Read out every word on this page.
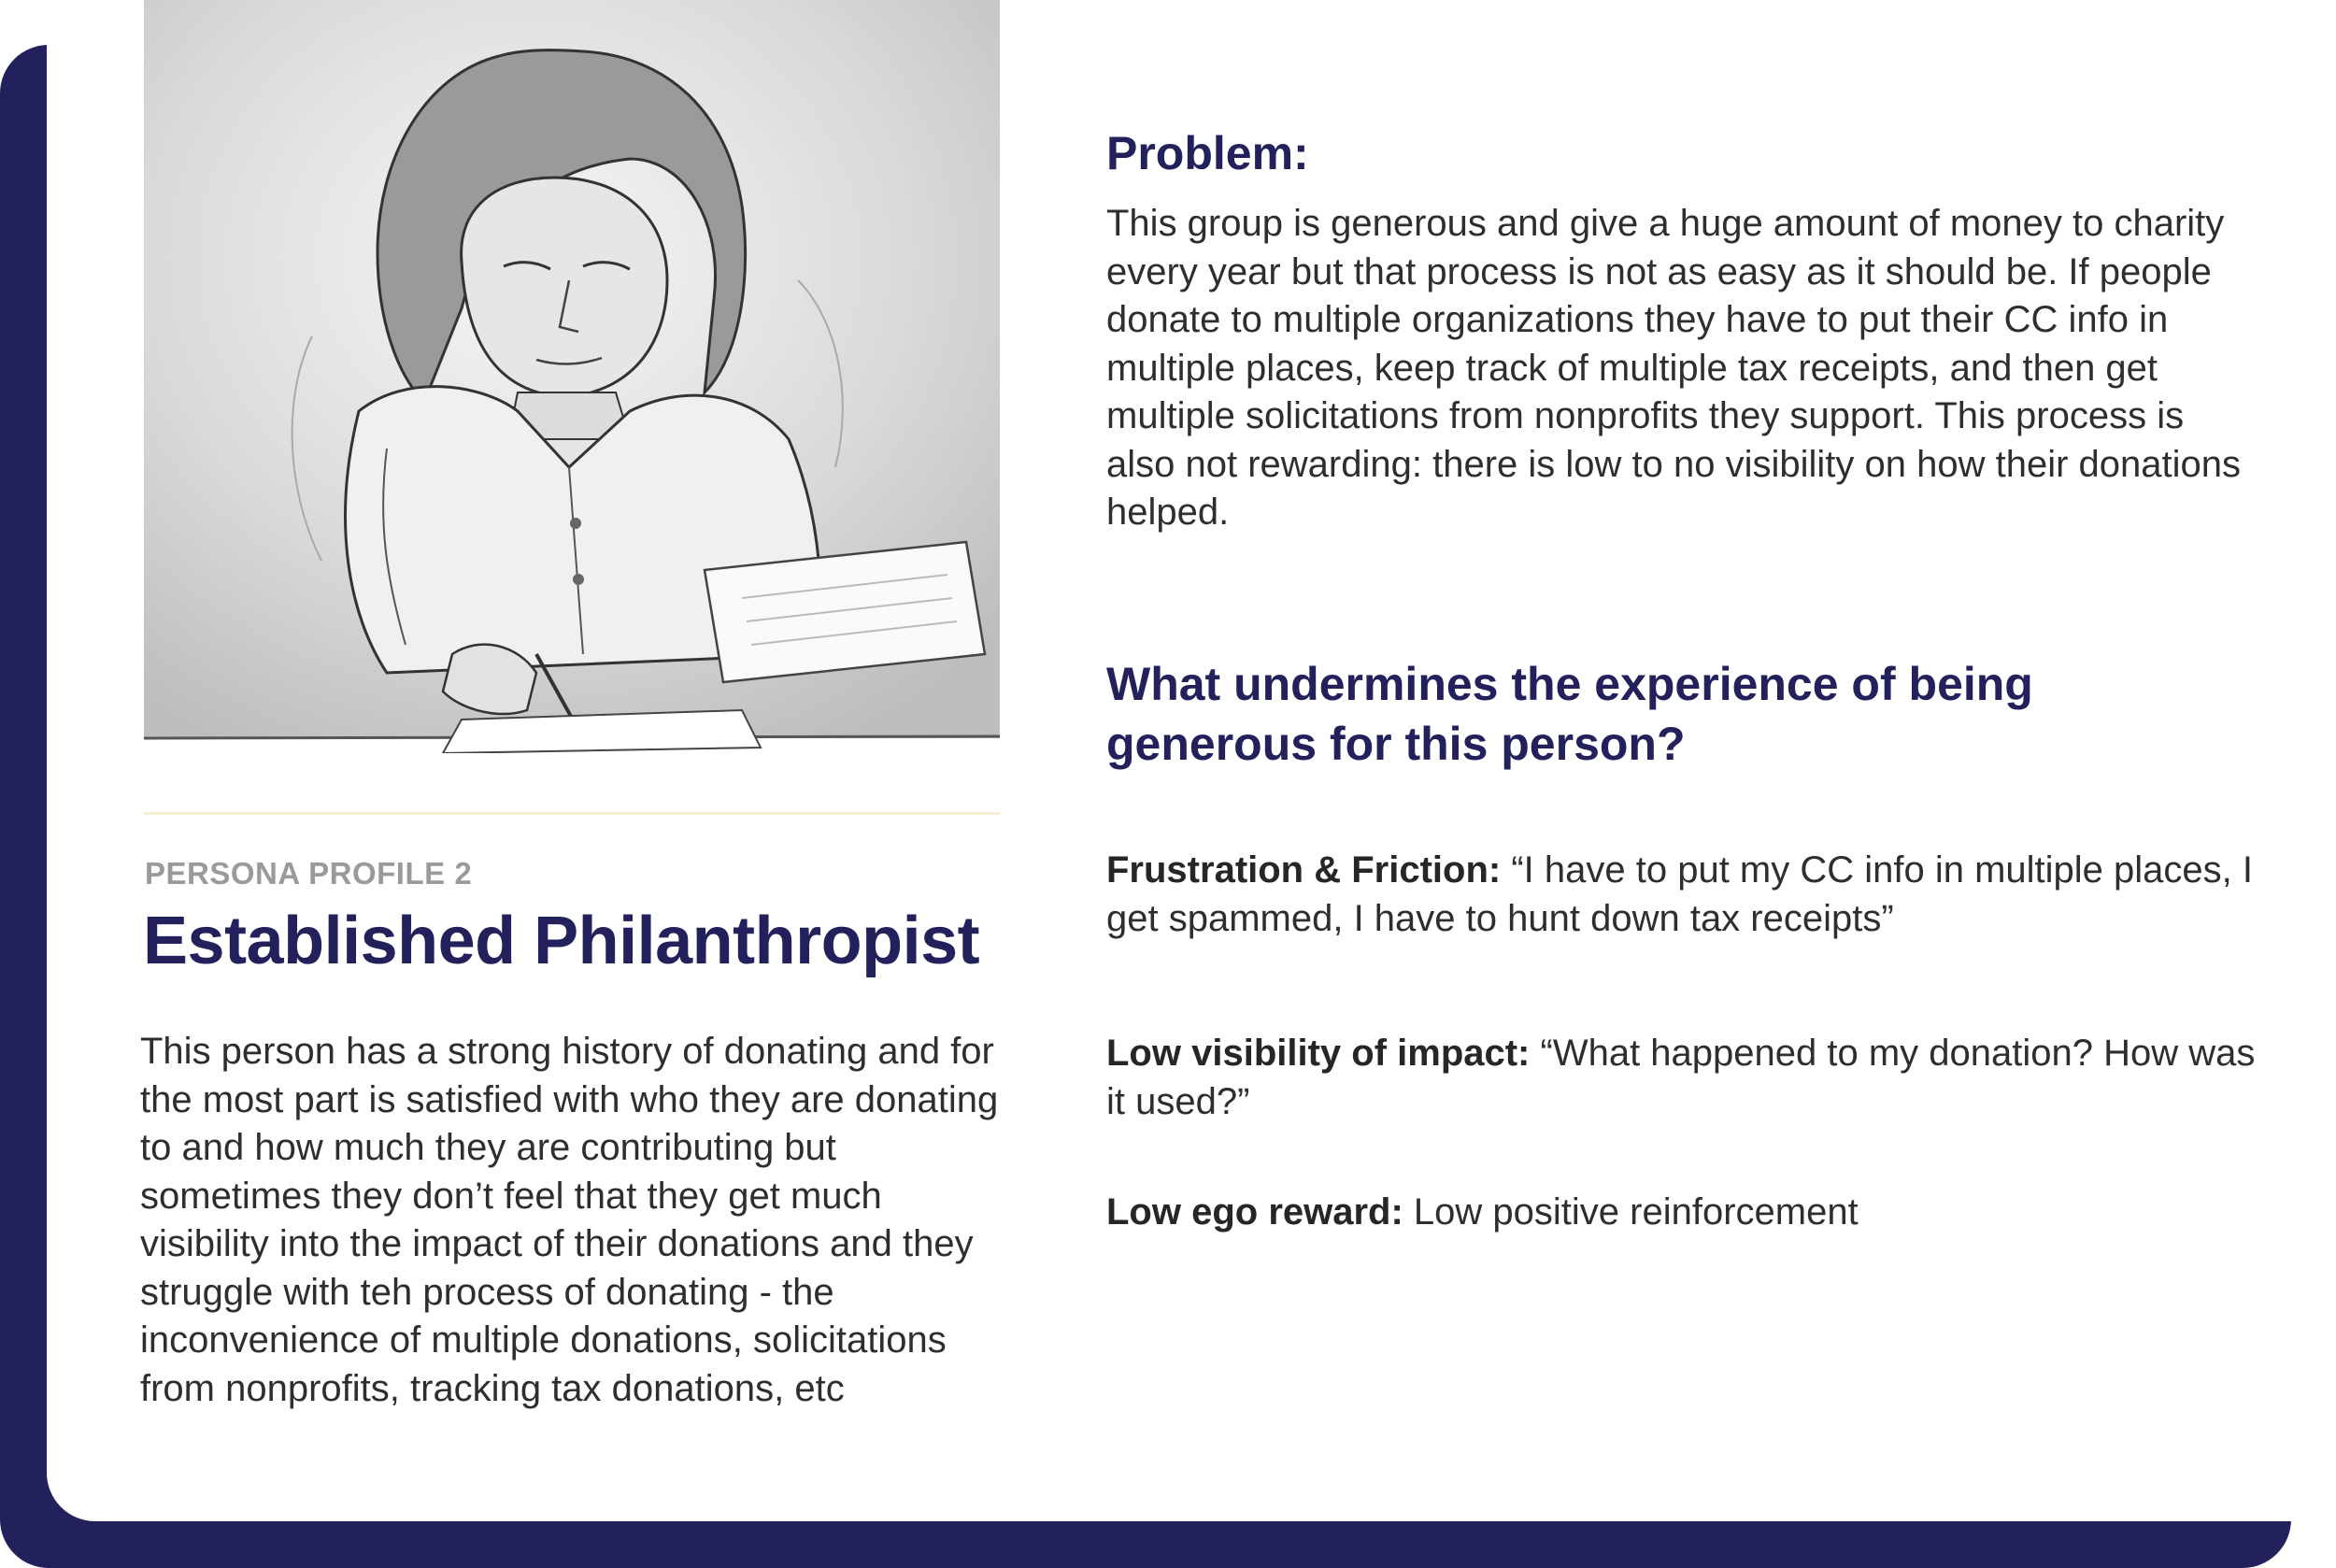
PERSONA PROFILE 2
Established Philanthropist

This person has a strong history of donating and for the most part is satisfied with who they are donating to and how much they are contributing but sometimes they don’t feel that they get much visibility into the impact of their donations and they struggle with teh process of donating - the inconvenience of multiple donations, solicitations from nonprofits, tracking tax donations, etc

Problem:

This group is generous and give a huge amount of money to charity every year but that process is not as easy as it should be. If people donate to multiple organizations they have to put their CC info in multiple places, keep track of multiple tax receipts, and then get multiple solicitations from nonprofits they support. This process is also not rewarding: there is low to no visibility on how their donations helped.

What undermines the experience of being generous for this person?

Frustration & Friction: “I have to put my CC info in multiple places, I get spammed, I have to hunt down tax receipts”

Low visibility of impact: “What happened to my donation? How was it used?”

Low ego reward: Low positive reinforcement
